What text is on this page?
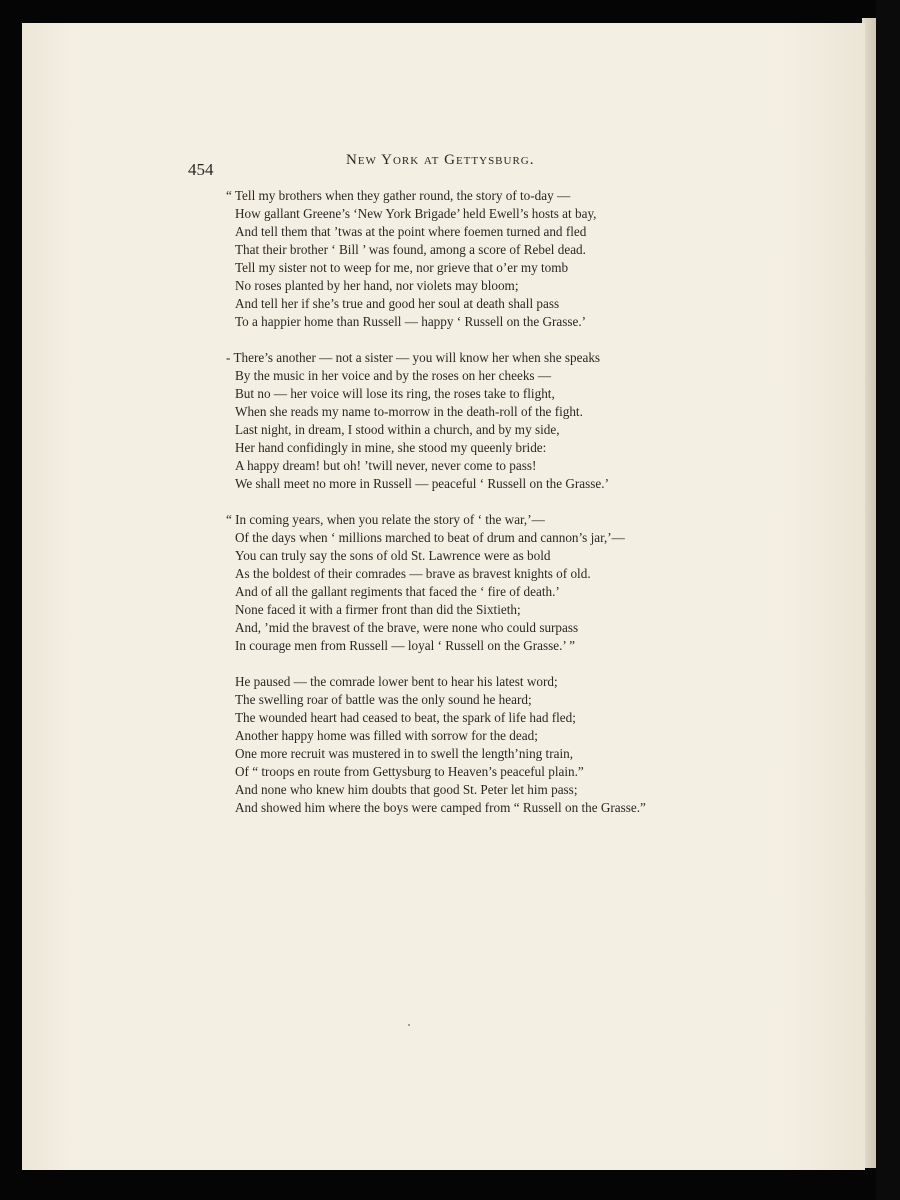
454	New York at Gettysburg.
“ Tell my brothers when they gather round, the story of to-day —
How gallant Greene’s ‘New York Brigade’ held Ewell’s hosts at bay,
And tell them that ’twas at the point where foemen turned and fled
That their brother ‘ Bill ’ was found, among a score of Rebel dead.
Tell my sister not to weep for me, nor grieve that o’er my tomb
No roses planted by her hand, nor violets may bloom;
And tell her if she’s true and good her soul at death shall pass
To a happier home than Russell — happy ‘ Russell on the Grasse.’
- There’s another — not a sister — you will know her when she speaks
By the music in her voice and by the roses on her cheeks —
But no — her voice will lose its ring, the roses take to flight,
When she reads my name to-morrow in the death-roll of the fight.
Last night, in dream, I stood within a church, and by my side,
Her hand confidingly in mine, she stood my queenly bride:
A happy dream! but oh! ’twill never, never come to pass!
We shall meet no more in Russell — peaceful ‘ Russell on the Grasse.’
“ In coming years, when you relate the story of ‘ the war,’—
Of the days when ‘ millions marched to beat of drum and cannon’s jar,’—
You can truly say the sons of old St. Lawrence were as bold
As the boldest of their comrades — brave as bravest knights of old.
And of all the gallant regiments that faced the ‘ fire of death.’
None faced it with a firmer front than did the Sixtieth;
And, ’mid the bravest of the brave, were none who could surpass
In courage men from Russell — loyal ‘ Russell on the Grasse.’ ”
He paused — the comrade lower bent to hear his latest word;
The swelling roar of battle was the only sound he heard;
The wounded heart had ceased to beat, the spark of life had fled;
Another happy home was filled with sorrow for the dead;
One more recruit was mustered in to swell the length’ning train,
Of “ troops en route from Gettysburg to Heaven’s peaceful plain.”
And none who knew him doubts that good St. Peter let him pass;
And showed him where the boys were camped from “ Russell on the Grasse.”
